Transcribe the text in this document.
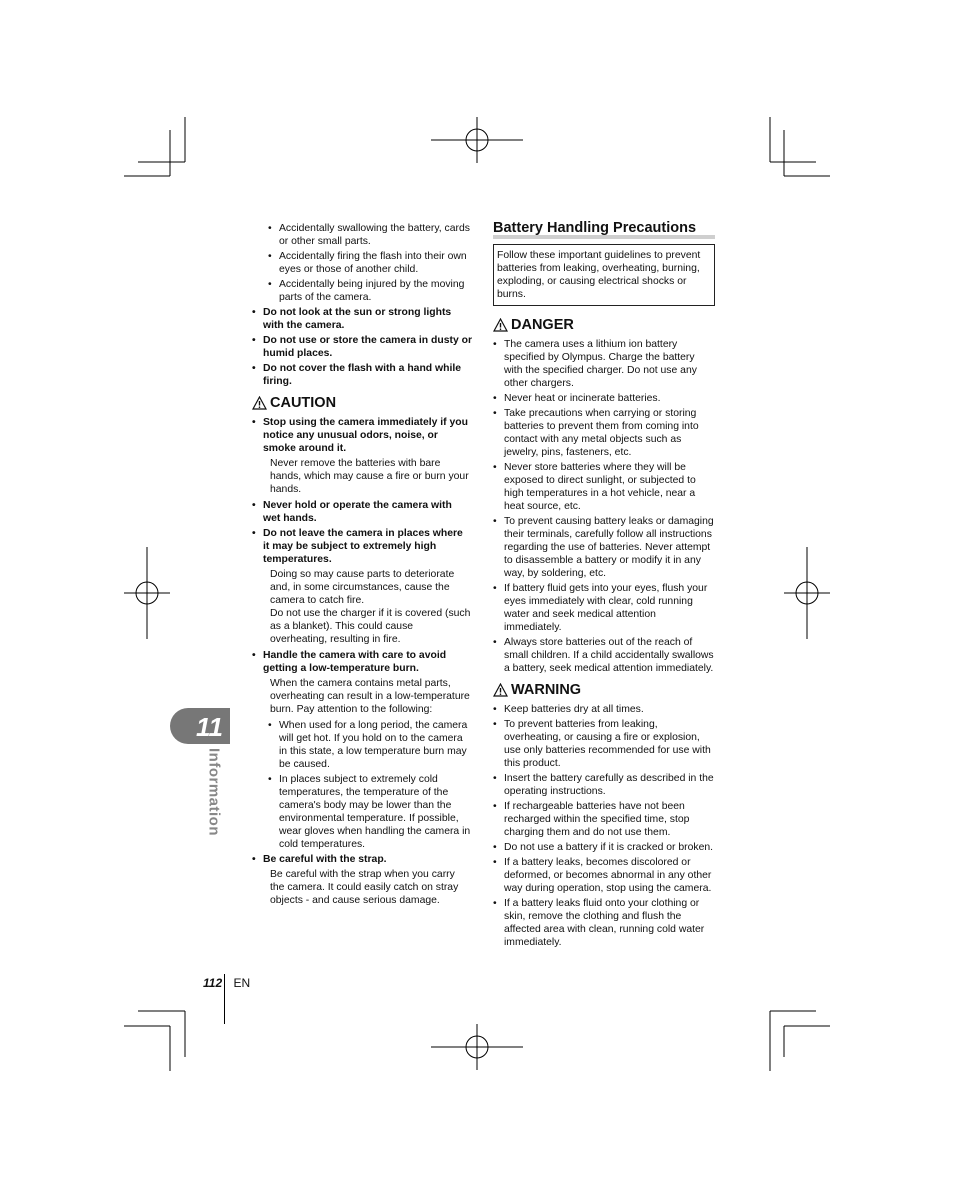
• Accidentally swallowing the battery, cards or other small parts.
• Accidentally firing the flash into their own eyes or those of another child.
• Accidentally being injured by the moving parts of the camera.
• Do not look at the sun or strong lights with the camera.
• Do not use or store the camera in dusty or humid places.
• Do not cover the flash with a hand while firing.
CAUTION
• Stop using the camera immediately if you notice any unusual odors, noise, or smoke around it.
Never remove the batteries with bare hands, which may cause a fire or burn your hands.
• Never hold or operate the camera with wet hands.
• Do not leave the camera in places where it may be subject to extremely high temperatures.
Doing so may cause parts to deteriorate and, in some circumstances, cause the camera to catch fire.
Do not use the charger if it is covered (such as a blanket). This could cause overheating, resulting in fire.
• Handle the camera with care to avoid getting a low-temperature burn.
When the camera contains metal parts, overheating can result in a low-temperature burn. Pay attention to the following:
• When used for a long period, the camera will get hot. If you hold on to the camera in this state, a low temperature burn may be caused.
• In places subject to extremely cold temperatures, the temperature of the camera's body may be lower than the environmental temperature. If possible, wear gloves when handling the camera in cold temperatures.
• Be careful with the strap.
Be careful with the strap when you carry the camera. It could easily catch on stray objects - and cause serious damage.
Battery Handling Precautions
Follow these important guidelines to prevent batteries from leaking, overheating, burning, exploding, or causing electrical shocks or burns.
DANGER
• The camera uses a lithium ion battery specified by Olympus. Charge the battery with the specified charger. Do not use any other chargers.
• Never heat or incinerate batteries.
• Take precautions when carrying or storing batteries to prevent them from coming into contact with any metal objects such as jewelry, pins, fasteners, etc.
• Never store batteries where they will be exposed to direct sunlight, or subjected to high temperatures in a hot vehicle, near a heat source, etc.
• To prevent causing battery leaks or damaging their terminals, carefully follow all instructions regarding the use of batteries. Never attempt to disassemble a battery or modify it in any way, by soldering, etc.
• If battery fluid gets into your eyes, flush your eyes immediately with clear, cold running water and seek medical attention immediately.
• Always store batteries out of the reach of small children. If a child accidentally swallows a battery, seek medical attention immediately.
WARNING
• Keep batteries dry at all times.
• To prevent batteries from leaking, overheating, or causing a fire or explosion, use only batteries recommended for use with this product.
• Insert the battery carefully as described in the operating instructions.
• If rechargeable batteries have not been recharged within the specified time, stop charging them and do not use them.
• Do not use a battery if it is cracked or broken.
• If a battery leaks, becomes discolored or deformed, or becomes abnormal in any other way during operation, stop using the camera.
• If a battery leaks fluid onto your clothing or skin, remove the clothing and flush the affected area with clean, running cold water immediately.
11
Information
112 EN
